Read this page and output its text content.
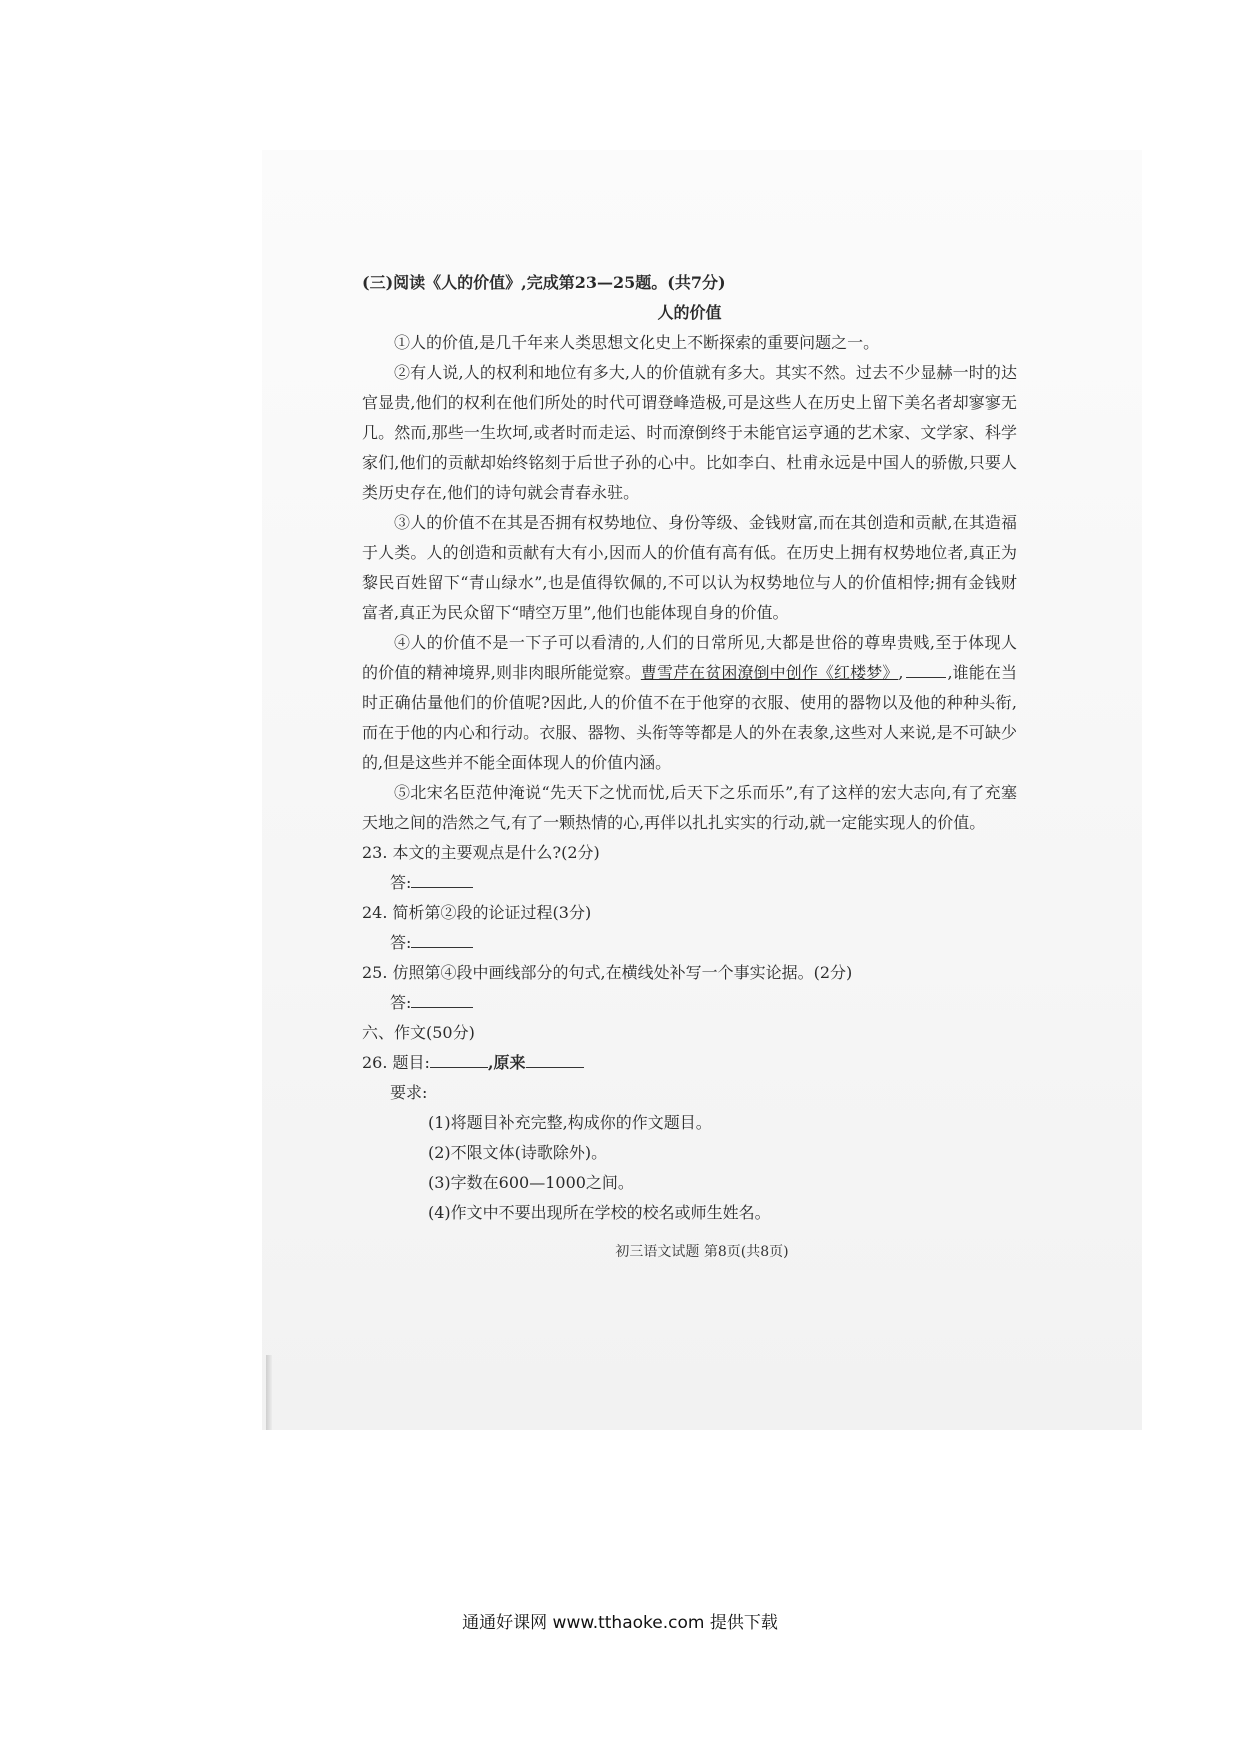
(三)阅读《人的价值》,完成第23—25题。(共7分)

人的价值

①人的价值,是几千年来人类思想文化史上不断探索的重要问题之一。

②有人说,人的权利和地位有多大,人的价值就有多大。其实不然。过去不少显赫一时的达官显贵,他们的权利在他们所处的时代可谓登峰造极,可是这些人在历史上留下美名者却寥寥无几。然而,那些一生坎坷,或者时而走运、时而潦倒终于未能官运亨通的艺术家、文学家、科学家们,他们的贡献却始终铭刻于后世子孙的心中。比如李白、杜甫永远是中国人的骄傲,只要人类历史存在,他们的诗句就会青春永驻。

③人的价值不在其是否拥有权势地位、身份等级、金钱财富,而在其创造和贡献,在其造福于人类。人的创造和贡献有大有小,因而人的价值有高有低。在历史上拥有权势地位者,真正为黎民百姓留下“青山绿水”,也是值得钦佩的,不可以认为权势地位与人的价值相悖;拥有金钱财富者,真正为民众留下“晴空万里”,他们也能体现自身的价值。

④人的价值不是一下子可以看清的,人们的日常所见,大都是世俗的尊卑贵贱,至于体现人的价值的精神境界,则非肉眼所能觉察。曹雪芹在贫困潦倒中创作《红楼梦》,	,谁能在当时正确估量他们的价值呢?因此,人的价值不在于他穿的衣服、使用的器物以及他的种种头衔,而在于他的内心和行动。衣服、器物、头衔等等都是人的外在表象,这些对人来说,是不可缺少的,但是这些并不能全面体现人的价值内涵。

⑤北宋名臣范仲淹说“先天下之忧而忧,后天下之乐而乐”,有了这样的宏大志向,有了充塞天地之间的浩然之气,有了一颗热情的心,再伴以扎扎实实的行动,就一定能实现人的价值。

23. 本文的主要观点是什么?(2分)

答:

24. 简析第②段的论证过程(3分)

答:

25. 仿照第④段中画线部分的句式,在横线处补写一个事实论据。(2分)

答:

六、作文(50分)

26. 题目:	,原来

要求:

(1)将题目补充完整,构成你的作文题目。

(2)不限文体(诗歌除外)。

(3)字数在600—1000之间。

(4)作文中不要出现所在学校的校名或师生姓名。

初三语文试题 第8页(共8页)
通通好课网 www.tthaoke.com 提供下载
